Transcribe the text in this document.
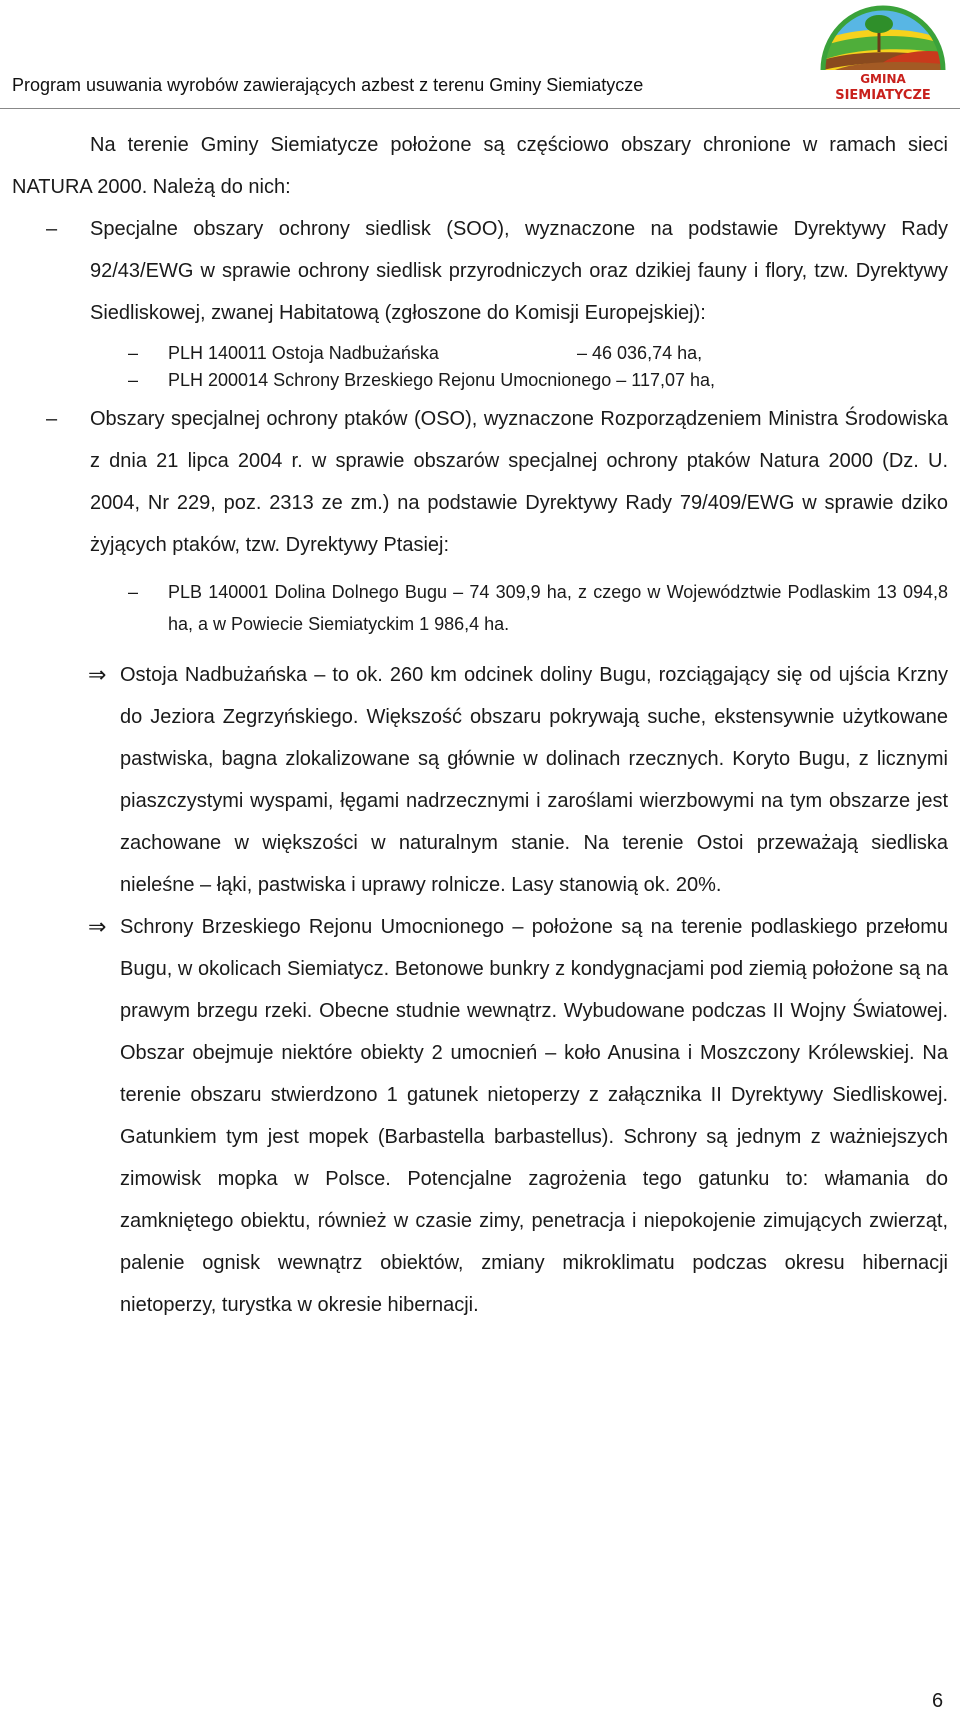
Program usuwania wyrobów zawierających azbest z terenu Gminy Siemiatycze	GMINA
SIEMIATYCZE

Na terenie Gminy Siemiatycze położone są częściowo obszary chronione w ramach sieci NATURA 2000. Należą do nich:

–	Specjalne obszary ochrony siedlisk (SOO), wyznaczone na podstawie Dyrektywy Rady 92/43/EWG w sprawie ochrony siedlisk przyrodniczych oraz dzikiej fauny i flory, tzw. Dyrektywy Siedliskowej, zwanej Habitatową (zgłoszone do Komisji Europejskiej):
– PLH 140011 Ostoja Nadbużańska	– 46 036,74 ha,
– PLH 200014 Schrony Brzeskiego Rejonu Umocnionego – 117,07 ha,
–	Obszary specjalnej ochrony ptaków (OSO), wyznaczone Rozporządzeniem Ministra Środowiska z dnia 21 lipca 2004 r. w sprawie obszarów specjalnej ochrony ptaków Natura 2000 (Dz. U. 2004, Nr 229, poz. 2313 ze zm.) na podstawie Dyrektywy Rady 79/409/EWG w sprawie dziko żyjących ptaków, tzw. Dyrektywy Ptasiej:
– PLB 140001 Dolina Dolnego Bugu – 74 309,9 ha, z czego w Województwie Podlaskim 13 094,8 ha, a w Powiecie Siemiatyckim 1 986,4 ha.
⇒ Ostoja Nadbużańska – to ok. 260 km odcinek doliny Bugu, rozciągający się od ujścia Krzny do Jeziora Zegrzyńskiego. Większość obszaru pokrywają suche, ekstensywnie użytkowane pastwiska, bagna zlokalizowane są głównie w dolinach rzecznych. Koryto Bugu, z licznymi piaszczystymi wyspami, łęgami nadrzecznymi i zaroślami wierzbowymi na tym obszarze jest zachowane w większości w naturalnym stanie. Na terenie Ostoi przeważają siedliska nieleśne – łąki, pastwiska i uprawy rolnicze. Lasy stanowią ok. 20%.
⇒ Schrony Brzeskiego Rejonu Umocnionego – położone są na terenie podlaskiego przełomu Bugu, w okolicach Siemiatycz. Betonowe bunkry z kondygnacjami pod ziemią położone są na prawym brzegu rzeki. Obecne studnie wewnątrz. Wybudowane podczas II Wojny Światowej. Obszar obejmuje niektóre obiekty 2 umocnień – koło Anusina i Moszczony Królewskiej. Na terenie obszaru stwierdzono 1 gatunek nietoperzy z załącznika II Dyrektywy Siedliskowej. Gatunkiem tym jest mopek (Barbastella barbastellus). Schrony są jednym z ważniejszych zimowisk mopka w Polsce. Potencjalne zagrożenia tego gatunku to: włamania do zamkniętego obiektu, również w czasie zimy, penetracja i niepokojenie zimujących zwierząt, palenie ognisk wewnątrz obiektów, zmiany mikroklimatu podczas okresu hibernacji nietoperzy, turystka w okresie hibernacji.
6
